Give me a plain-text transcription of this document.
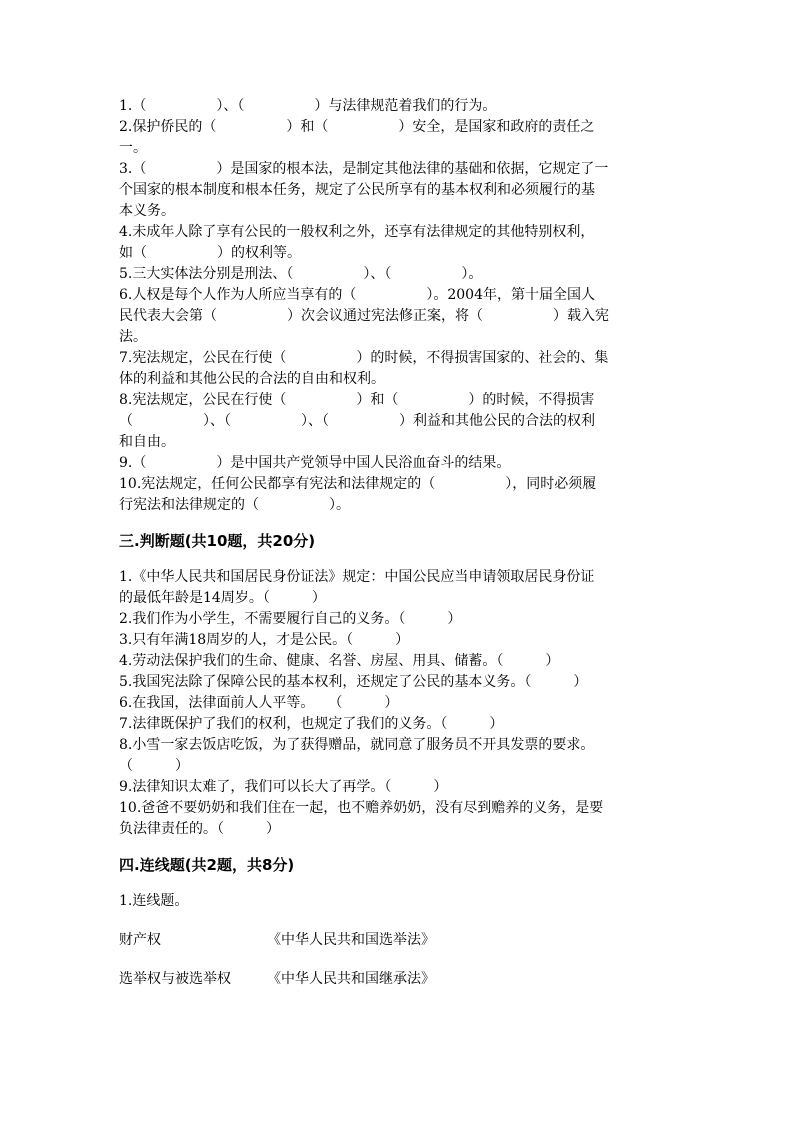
1.（　　　　　）、（　　　　　）与法律规范着我们的行为。
2.保护侨民的（　　　　　）和（　　　　　）安全，是国家和政府的责任之
一。
3.（　　　　　）是国家的根本法，是制定其他法律的基础和依据，它规定了一
个国家的根本制度和根本任务，规定了公民所享有的基本权利和必须履行的基
本义务。
4.未成年人除了享有公民的一般权利之外，还享有法律规定的其他特别权利，
如（　　　　　）的权利等。
5.三大实体法分别是刑法、（　　　　　）、（　　　　　）。
6.人权是每个人作为人所应当享有的（　　　　　）。2004年，第十届全国人
民代表大会第（　　　　　）次会议通过宪法修正案，将（　　　　　）载入宪
法。
7.宪法规定，公民在行使（　　　　　）的时候，不得损害国家的、社会的、集
体的利益和其他公民的合法的自由和权利。
8.宪法规定，公民在行使（　　　　　）和（　　　　　）的时候，不得损害
（　　　　　）、（　　　　　）、（　　　　　）利益和其他公民的合法的权利
和自由。
9.（　　　　　）是中国共产党领导中国人民浴血奋斗的结果。
10.宪法规定，任何公民都享有宪法和法律规定的（　　　　　），同时必须履
行宪法和法律规定的（　　　　　）。
三.判断题(共10题，共20分)
1.《中华人民共和国居民身份证法》规定：中国公民应当申请领取居民身份证
的最低年龄是14周岁。（　　　）
2.我们作为小学生，不需要履行自己的义务。（　　　）
3.只有年满18周岁的人，才是公民。（　　　）
4.劳动法保护我们的生命、健康、名誉、房屋、用具、储蓄。（　　　）
5.我国宪法除了保障公民的基本权利，还规定了公民的基本义务。（　　　）
6.在我国，法律面前人人平等。　　（　　　）
7.法律既保护了我们的权利，也规定了我们的义务。（　　　）
8.小雪一家去饭店吃饭，为了获得赠品，就同意了服务员不开具发票的要求。
（　　　）
9.法律知识太难了，我们可以长大了再学。（　　　）
10.爸爸不要奶奶和我们住在一起，也不赡养奶奶，没有尽到赡养的义务，是要
负法律责任的。（　　　）
四.连线题(共2题，共8分)
1.连线题。
财产权	《中华人民共和国选举法》
选举权与被选举权	《中华人民共和国继承法》
